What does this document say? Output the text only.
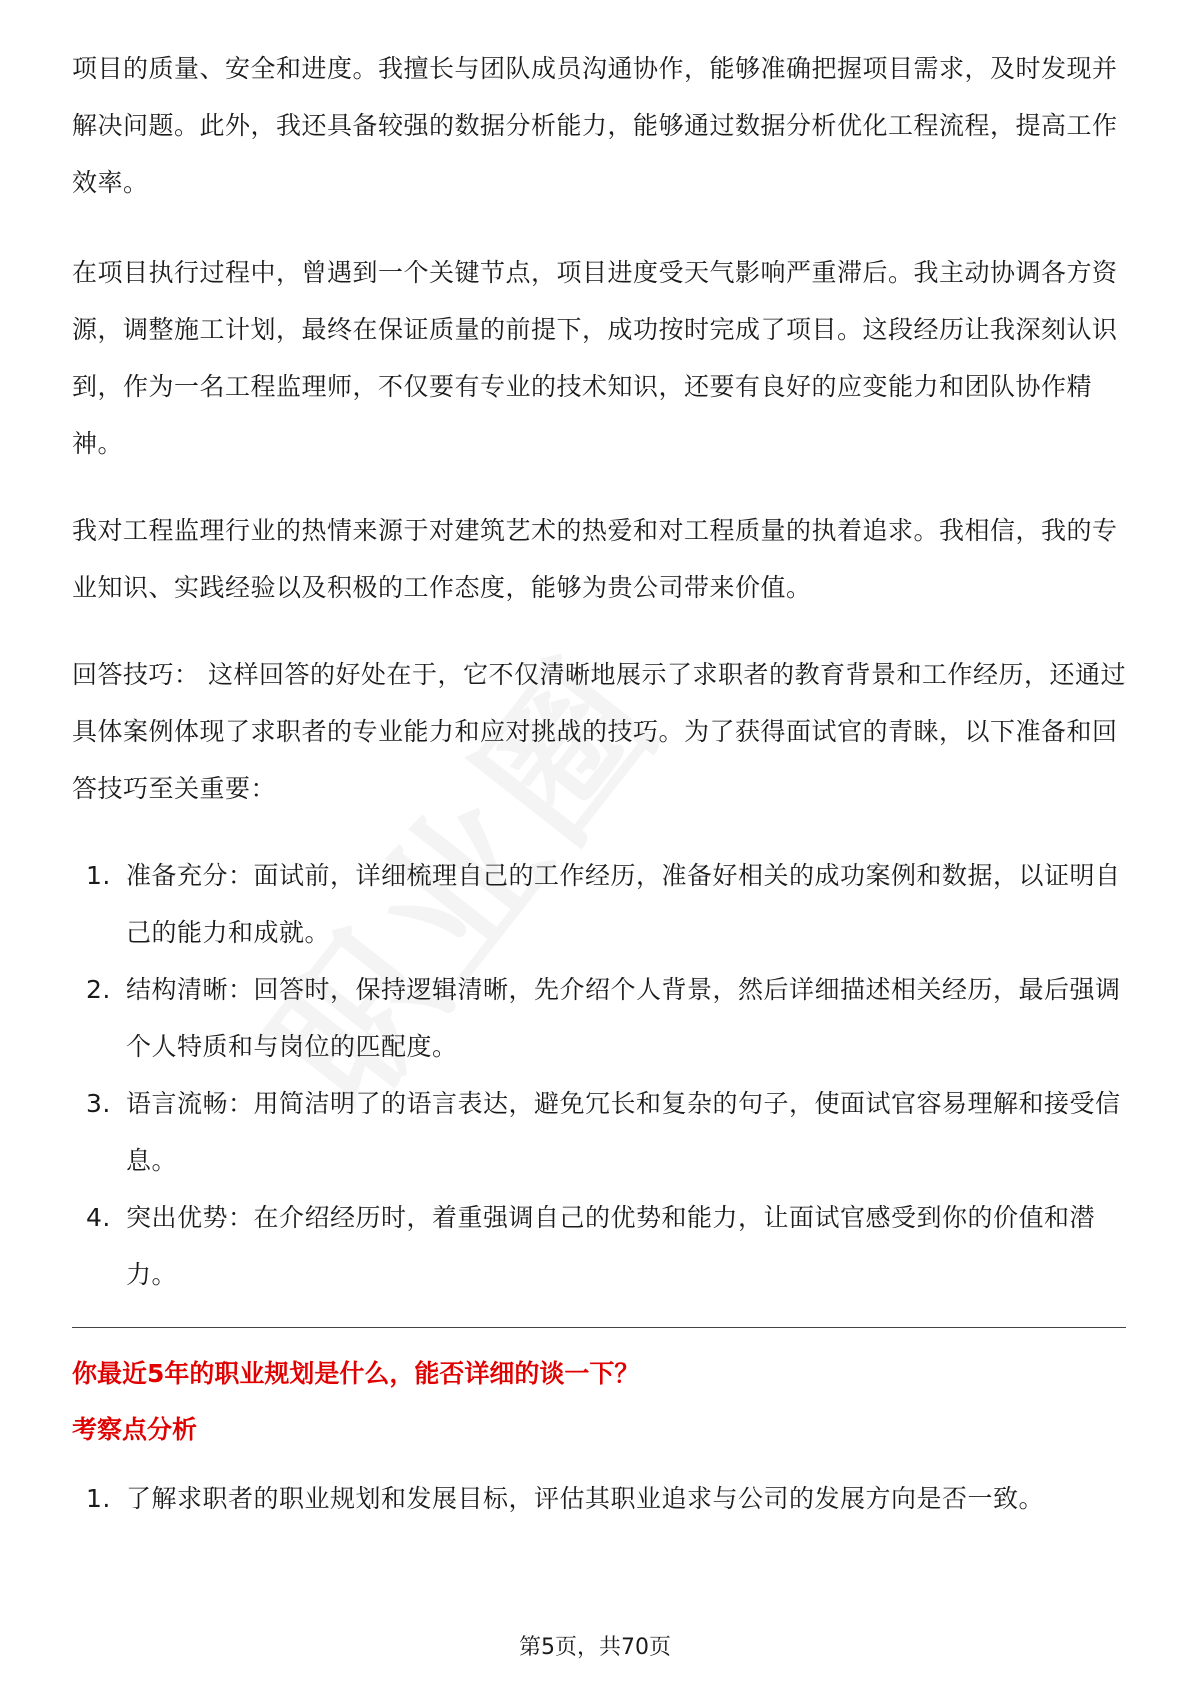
项目的质量、安全和进度。我擅长与团队成员沟通协作，能够准确把握项目需求，及时发现并解决问题。此外，我还具备较强的数据分析能力，能够通过数据分析优化工程流程，提高工作效率。

在项目执行过程中，曾遇到一个关键节点，项目进度受天气影响严重滞后。我主动协调各方资源，调整施工计划，最终在保证质量的前提下，成功按时完成了项目。这段经历让我深刻认识到，作为一名工程监理师，不仅要有专业的技术知识，还要有良好的应变能力和团队协作精神。

我对工程监理行业的热情来源于对建筑艺术的热爱和对工程质量的执着追求。我相信，我的专业知识、实践经验以及积极的工作态度，能够为贵公司带来价值。

回答技巧： 这样回答的好处在于，它不仅清晰地展示了求职者的教育背景和工作经历，还通过具体案例体现了求职者的专业能力和应对挑战的技巧。为了获得面试官的青睐，以下准备和回答技巧至关重要：

1. 准备充分：面试前，详细梳理自己的工作经历，准备好相关的成功案例和数据，以证明自己的能力和成就。
2. 结构清晰：回答时，保持逻辑清晰，先介绍个人背景，然后详细描述相关经历，最后强调个人特质和与岗位的匹配度。
3. 语言流畅：用简洁明了的语言表达，避免冗长和复杂的句子，使面试官容易理解和接受信息。
4. 突出优势：在介绍经历时，着重强调自己的优势和能力，让面试官感受到你的价值和潜力。

你最近5年的职业规划是什么，能否详细的谈一下？

考察点分析

1. 了解求职者的职业规划和发展目标，评估其职业追求与公司的发展方向是否一致。
第5页，共70页
